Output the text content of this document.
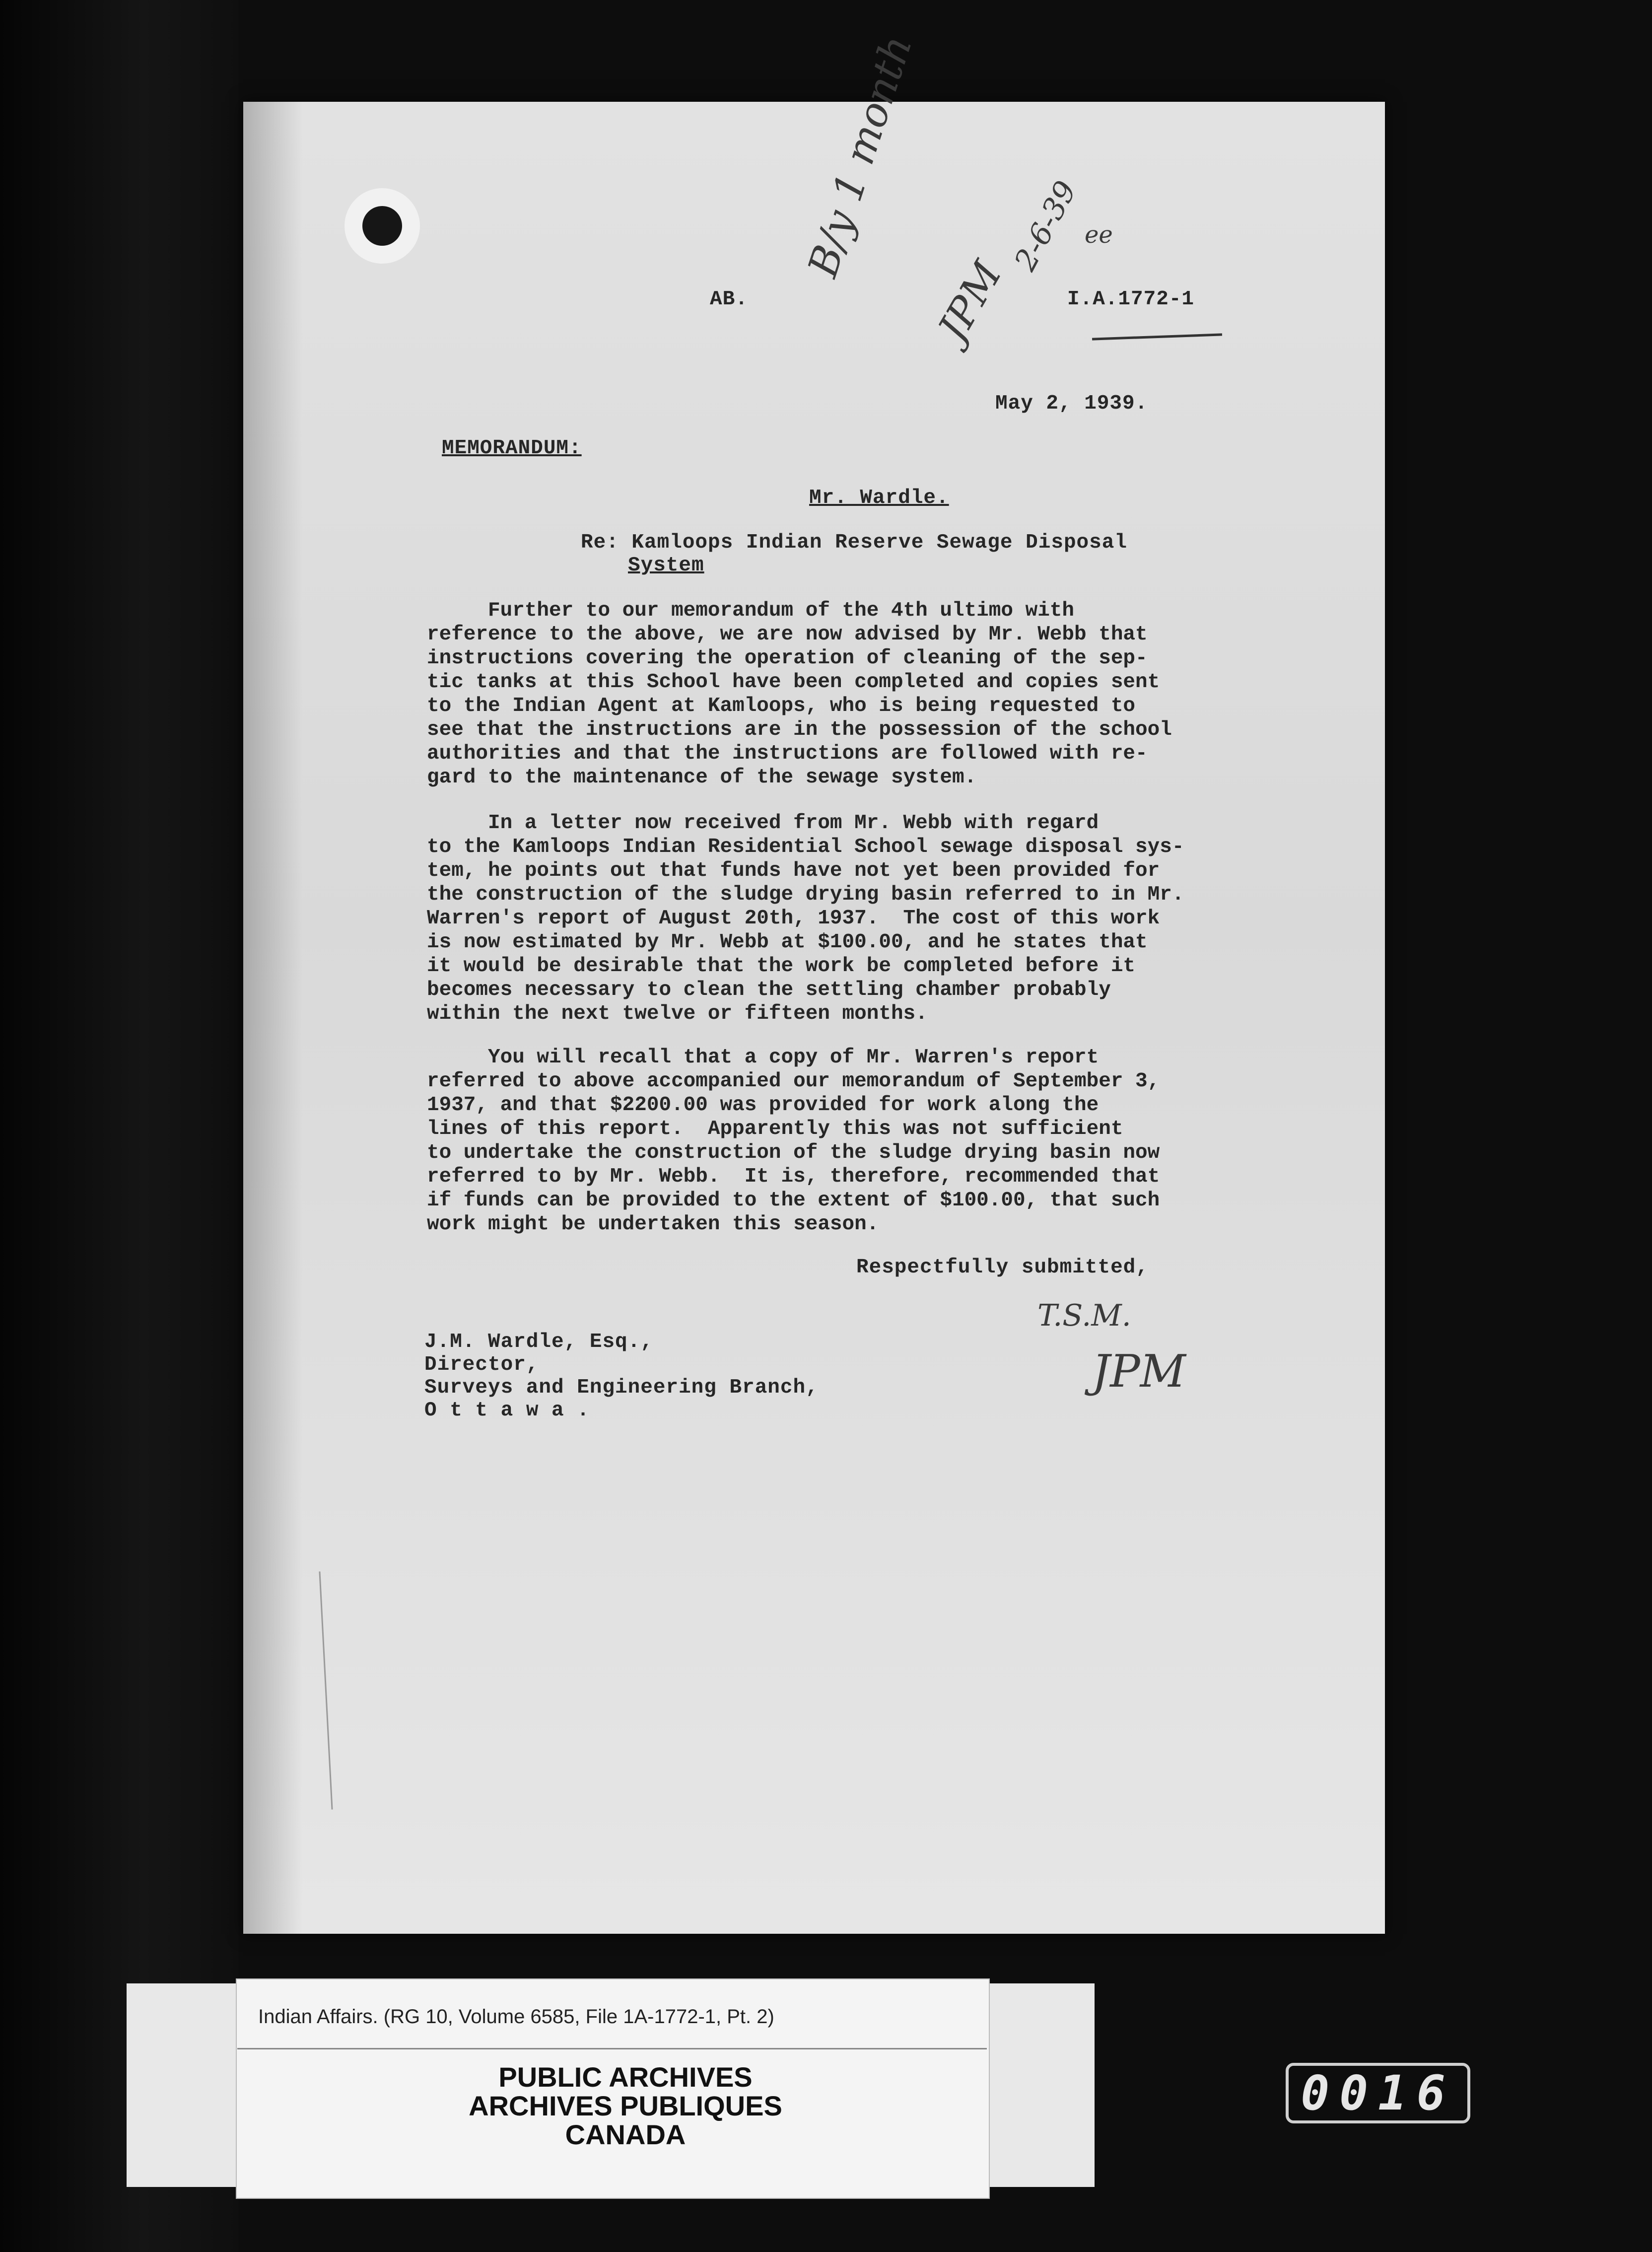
AB.	I.A.1772-1

B/y 1 month
JPM
2-6-39 ee

May 2, 1939.

MEMORANDUM:

Mr. Wardle.

Re: Kamloops Indian Reserve Sewage Disposal

System

Further to our memorandum of the 4th ultimo with

reference to the above, we are now advised by Mr. Webb that

instructions covering the operation of cleaning of the sep-

tic tanks at this School have been completed and copies sent

to the Indian Agent at Kamloops, who is being requested to

see that the instructions are in the possession of the school

authorities and that the instructions are followed with re-

gard to the maintenance of the sewage system.

In a letter now received from Mr. Webb with regard

to the Kamloops Indian Residential School sewage disposal sys-

tem, he points out that funds have not yet been provided for

the construction of the sludge drying basin referred to in Mr.

Warren's report of August 20th, 1937.  The cost of this work

is now estimated by Mr. Webb at $100.00, and he states that

it would be desirable that the work be completed before it

becomes necessary to clean the settling chamber probably

within the next twelve or fifteen months.

You will recall that a copy of Mr. Warren's report

referred to above accompanied our memorandum of September 3,

1937, and that $2200.00 was provided for work along the

lines of this report.  Apparently this was not sufficient

to undertake the construction of the sludge drying basin now

referred to by Mr. Webb.  It is, therefore, recommended that

if funds can be provided to the extent of $100.00, that such

work might be undertaken this season.

Respectfully submitted,

T.S.M.
JPM

J.M. Wardle, Esq.,

Director,

Surveys and Engineering Branch,

O t t a w a .

Indian Affairs. (RG 10, Volume 6585, File 1A-1772-1, Pt. 2)
PUBLIC ARCHIVES
ARCHIVES PUBLIQUES
CANADA
0016
